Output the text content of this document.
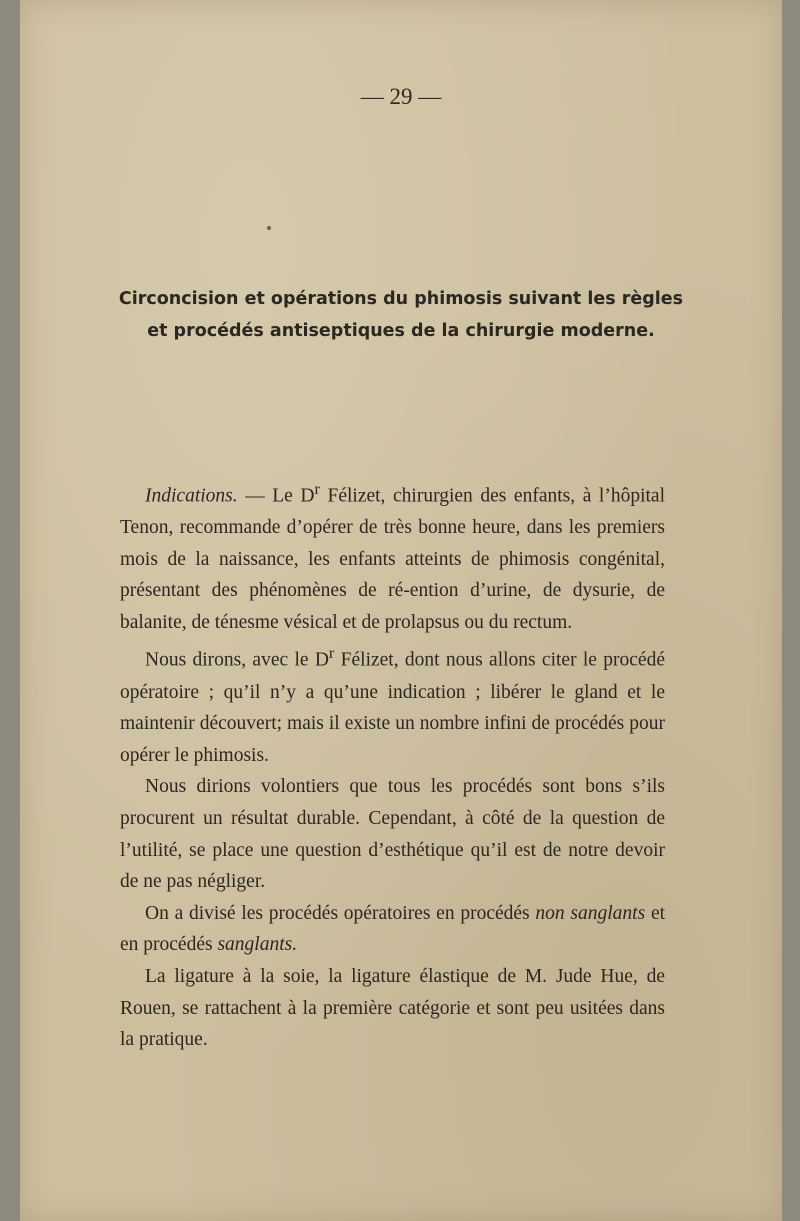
— 29 —
Circoncision et opérations du phimosis suivant les règles
et procédés antiseptiques de la chirurgie moderne.

Indications. — Le $D^r$ Félizet, chirurgien des enfants, à l’hôpital Tenon, recommande d’opérer de très bonne heure, dans les premiers mois de la naissance, les enfants atteints de phimosis congénital, présentant des phénomènes de ré-ention d’urine, de dysurie, de balanite, de ténesme vésical et de prolapsus ou du rectum.

Nous dirons, avec le $D^r$ Félizet, dont nous allons citer le procédé opératoire ; qu’il n’y a qu’une indication ; libérer le gland et le maintenir découvert; mais il existe un nombre infini de procédés pour opérer le phimosis.

Nous dirions volontiers que tous les procédés sont bons s’ils procurent un résultat durable. Cependant, à côté de la question de l’utilité, se place une question d’esthétique qu’il est de notre devoir de ne pas négliger.

On a divisé les procédés opératoires en procédés non sanglants et en procédés sanglants.

La ligature à la soie, la ligature élastique de M. Jude Hue, de Rouen, se rattachent à la première catégorie et sont peu usitées dans la pratique.
